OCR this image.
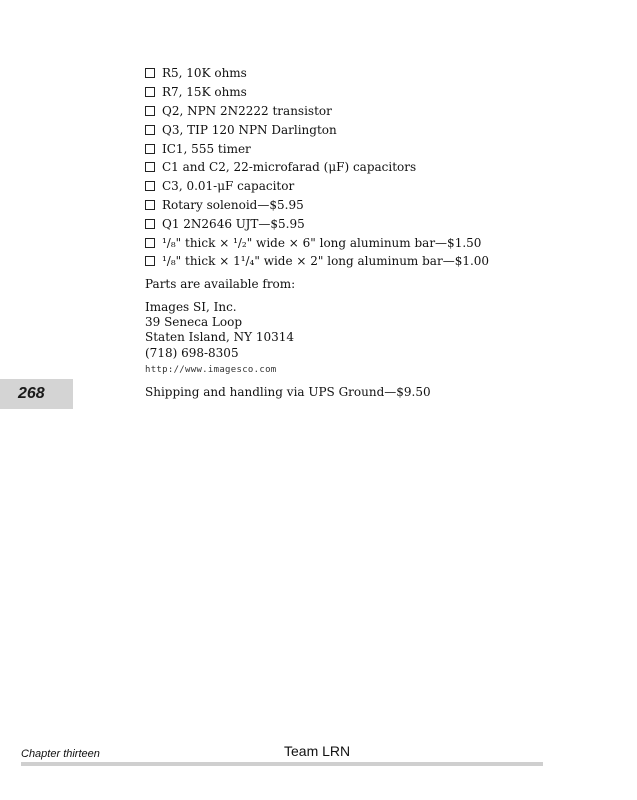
R5, 10K ohms
R7, 15K ohms
Q2, NPN 2N2222 transistor
Q3, TIP 120 NPN Darlington
IC1, 555 timer
C1 and C2, 22-microfarad (μF) capacitors
C3, 0.01-μF capacitor
Rotary solenoid—$5.95
Q1 2N2646 UJT—$5.95
¹/₈" thick × ¹/₂" wide × 6" long aluminum bar—$1.50
¹/₈" thick × 1¹/₄" wide × 2" long aluminum bar—$1.00

Parts are available from:

Images SI, Inc.
39 Seneca Loop
Staten Island, NY 10314
(718) 698-8305
http://www.imagesco.com

Shipping and handling via UPS Ground—$9.50

268
Chapter thirteen	Team LRN
